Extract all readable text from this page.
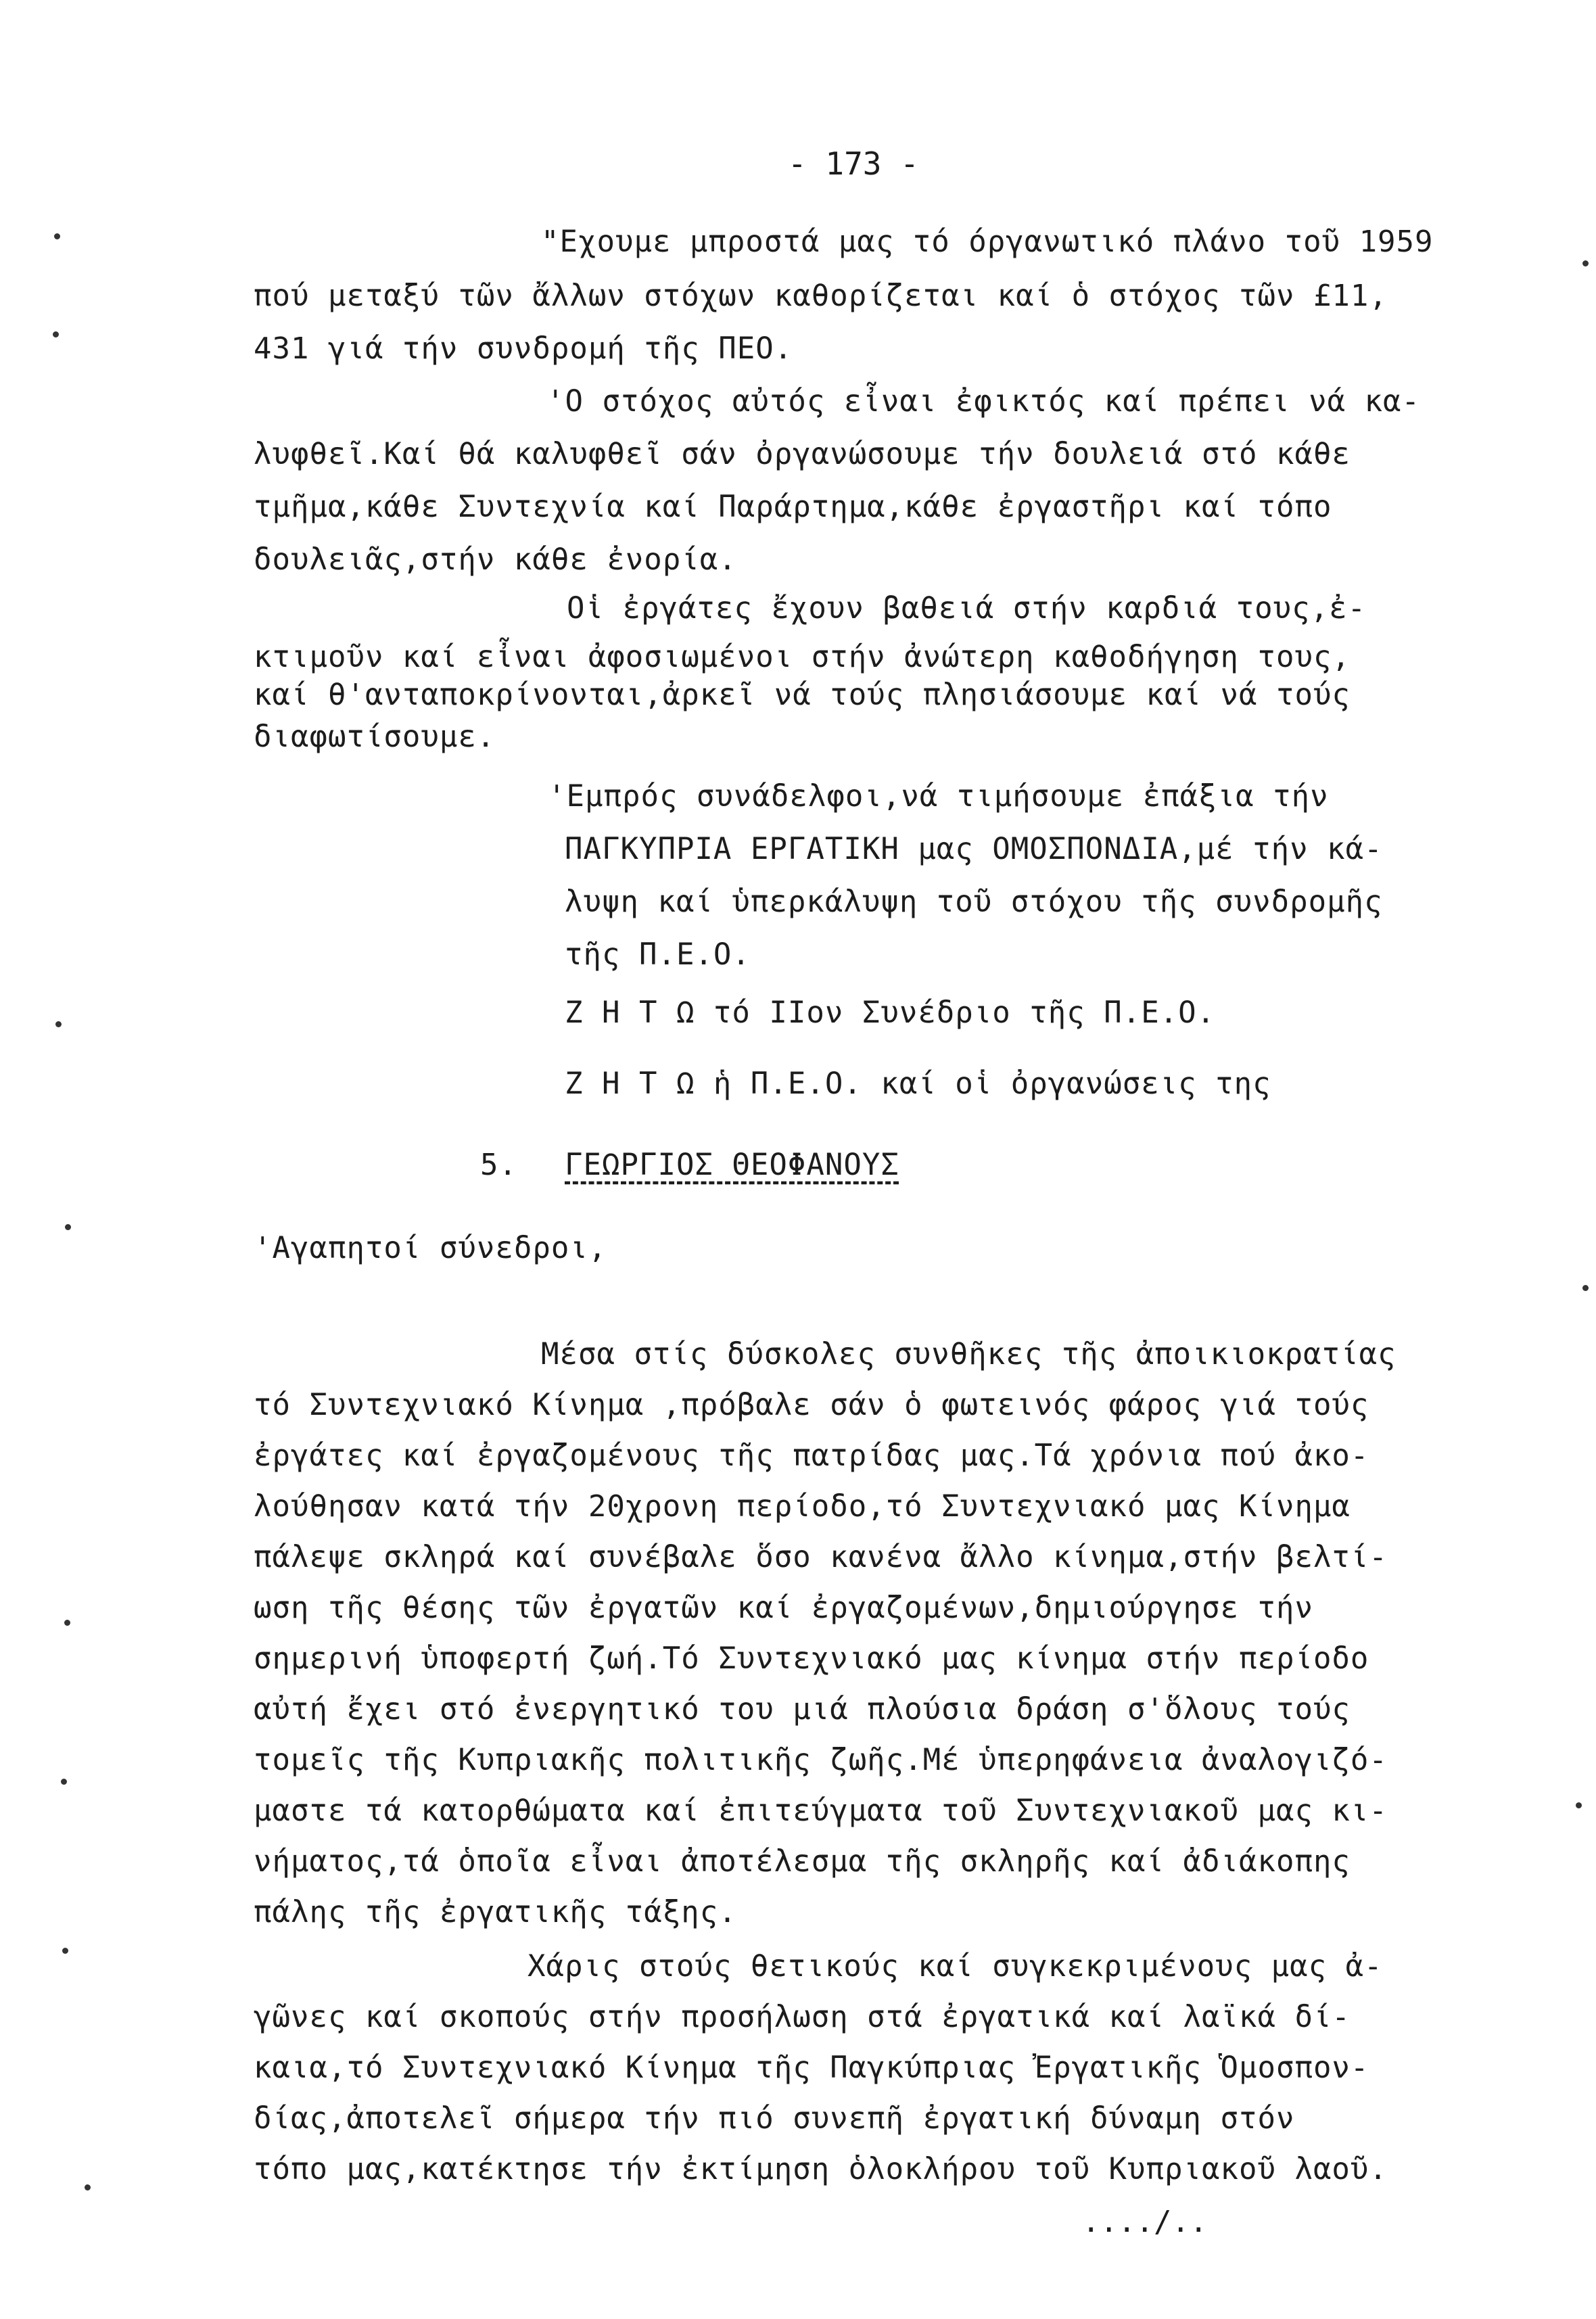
- 173 -
"Εχουμε μπροστά μας τό όργανωτικό πλάνο τοῦ 1959
πού μεταξύ τῶν ἄλλων στόχων καθορίζεται καί ὁ στόχος τῶν £11,
431 γιά τήν συνδρομή τῆς ΠΕΟ.
'Ο στόχος αὐτός εἶναι ἐφικτός καί πρέπει νά κα-
λυφθεῖ.Καί θά καλυφθεῖ σάν ὀργανώσουμε τήν δουλειά στό κάθε
τμῆμα,κάθε Συντεχνία καί Παράρτημα,κάθε ἐργαστῆρι καί τόπο
δουλειᾶς,στήν κάθε ἐνορία.
Οἱ ἐργάτες ἔχουν βαθειά στήν καρδιά τους,ἐ-
κτιμοῦν καί εἶναι ἀφοσιωμένοι στήν ἀνώτερη καθοδήγηση τους,
καί θ'ανταποκρίνονται,ἀρκεῖ νά τούς πλησιάσουμε καί νά τούς
διαφωτίσουμε.
'Εμπρός συνάδελφοι,νά τιμήσουμε ἐπάξια τήν
ΠΑΓΚΥΠΡΙΑ ΕΡΓΑΤΙΚΗ μας ΟΜΟΣΠΟΝΔΙΑ,μέ τήν κά-
λυψη καί ὑπερκάλυψη τοῦ στόχου τῆς συνδρομῆς
τῆς Π.Ε.Ο.
Ζ Η Τ Ω τό ΙΙον Συνέδριο τῆς Π.Ε.Ο.
Ζ Η Τ Ω ἡ Π.Ε.Ο. καί οἱ ὀργανώσεις της
5. ΓΕΩΡΓΙΟΣ ΘΕΟΦΑΝΟΥΣ
'Αγαπητοί σύνεδροι,
Μέσα στίς δύσκολες συνθῆκες τῆς ἀποικιοκρατίας
τό Συντεχνιακό Κίνημα ,πρόβαλε σάν ὁ φωτεινός φάρος γιά τούς
ἐργάτες καί ἐργαζομένους τῆς πατρίδας μας.Τά χρόνια πού ἀκο-
λούθησαν κατά τήν 20χρονη περίοδο,τό Συντεχνιακό μας Κίνημα
πάλεψε σκληρά καί συνέβαλε ὅσο κανένα ἄλλο κίνημα,στήν βελτί-
ωση τῆς θέσης τῶν ἐργατῶν καί ἐργαζομένων,δημιούργησε τήν
σημερινή ὑποφερτή ζωή.Τό Συντεχνιακό μας κίνημα στήν περίοδο
αὐτή ἔχει στό ἐνεργητικό του μιά πλούσια δράση σ'ὅλους τούς
τομεῖς τῆς Κυπριακῆς πολιτικῆς ζωῆς.Μέ ὑπερηφάνεια ἀναλογιζό-
μαστε τά κατορθώματα καί ἐπιτεύγματα τοῦ Συντεχνιακοῦ μας κι-
νήματος,τά ὁποῖα εἶναι ἀποτέλεσμα τῆς σκληρῆς καί ἀδιάκοπης
πάλης τῆς ἐργατικῆς τάξης.
Χάρις στούς θετικούς καί συγκεκριμένους μας ἀ-
γῶνες καί σκοπούς στήν προσήλωση στά ἐργατικά καί λαϊκά δί-
καια,τό Συντεχνιακό Κίνημα τῆς Παγκύπριας Ἐργατικῆς Ὁμοσπον-
δίας,ἀποτελεῖ σήμερα τήν πιό συνεπῆ ἐργατική δύναμη στόν
τόπο μας,κατέκτησε τήν ἐκτίμηση ὁλοκλήρου τοῦ Κυπριακοῦ λαοῦ.
..../..
